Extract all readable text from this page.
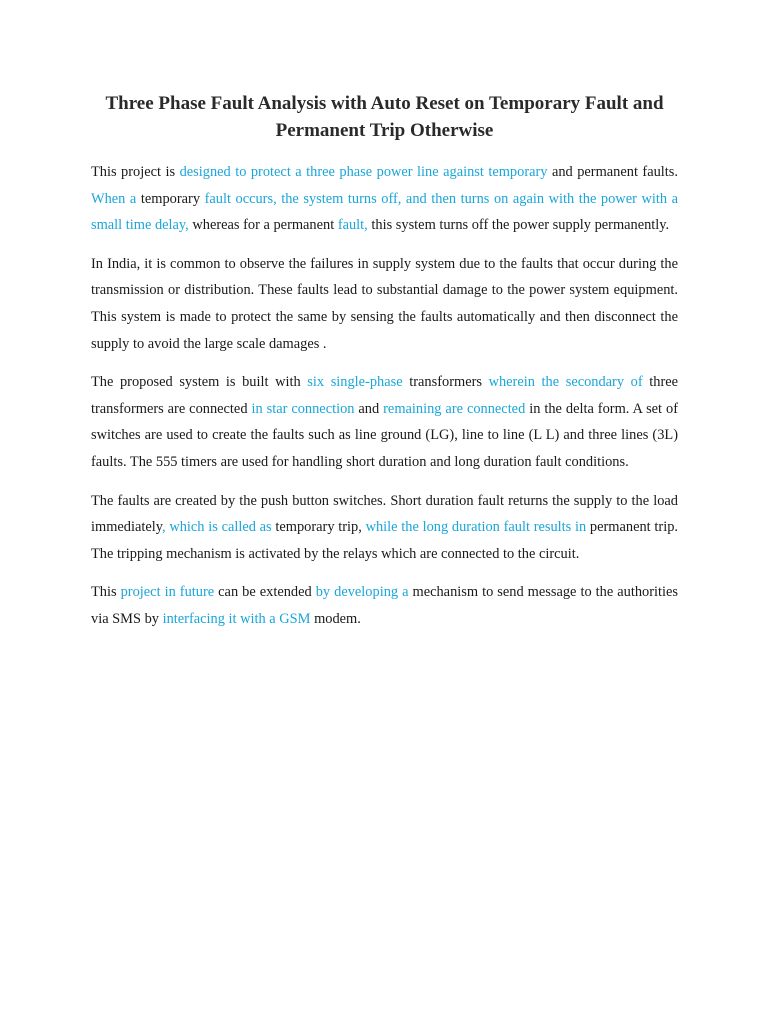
Three Phase Fault Analysis with Auto Reset on Temporary Fault and Permanent Trip Otherwise

This project is designed to protect a three phase power line against temporary and permanent faults. When a temporary fault occurs, the system turns off, and then turns on again with the power with a small time delay, whereas for a permanent fault, this system turns off the power supply permanently.

In India, it is common to observe the failures in supply system due to the faults that occur during the transmission or distribution. These faults lead to substantial damage to the power system equipment. This system is made to protect the same by sensing the faults automatically and then disconnect the supply to avoid the large scale damages .

The proposed system is built with six single-phase transformers wherein the secondary of three transformers are connected in star connection and remaining are connected in the delta form. A set of switches are used to create the faults such as line ground (LG), line to line (L L) and three lines (3L) faults. The 555 timers are used for handling short duration and long duration fault conditions.

The faults are created by the push button switches. Short duration fault returns the supply to the load immediately, which is called as temporary trip, while the long duration fault results in permanent trip. The tripping mechanism is activated by the relays which are connected to the circuit.

This project in future can be extended by developing a mechanism to send message to the authorities via SMS by interfacing it with a GSM modem.
